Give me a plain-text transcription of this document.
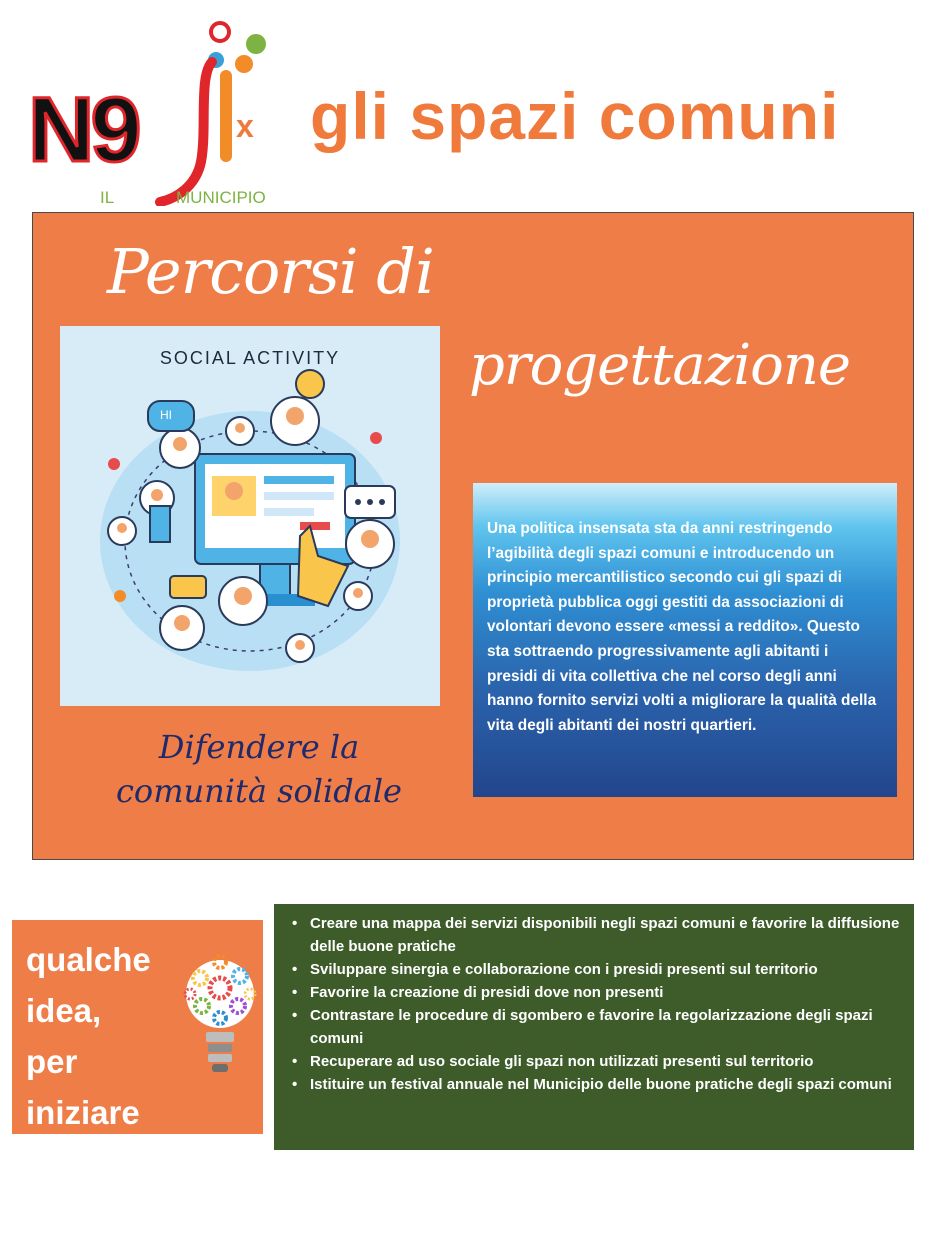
N9
IL	MUNICIPIO
x gli spazi comuni
Percorsi di
progettazione
SOCIAL ACTIVITY
HI
Difendere la
comunità solidale

Una politica insensata sta da anni restringendo l’agibilità degli spazi comuni e introducendo un principio mercantilistico secondo cui gli spazi di proprietà pubblica oggi gestiti da associazioni di volontari devono essere «messi a reddito». Questo sta sottraendo progressivamente agli abitanti i presidi di vita collettiva che nel corso degli anni hanno fornito servizi volti a migliorare la qualità della vita degli abitanti dei nostri quartieri.

qualche
idea,
per
iniziare
• Creare una mappa dei servizi disponibili negli spazi comuni e favorire la diffusione delle buone pratiche
• Sviluppare sinergia e collaborazione con i presidi presenti sul territorio
• Favorire la creazione di presidi dove non presenti
• Contrastare le procedure di sgombero e favorire la regolarizzazione degli spazi comuni
• Recuperare ad uso sociale gli spazi non utilizzati presenti sul territorio
• Istituire un festival annuale nel Municipio delle buone pratiche degli spazi comuni
